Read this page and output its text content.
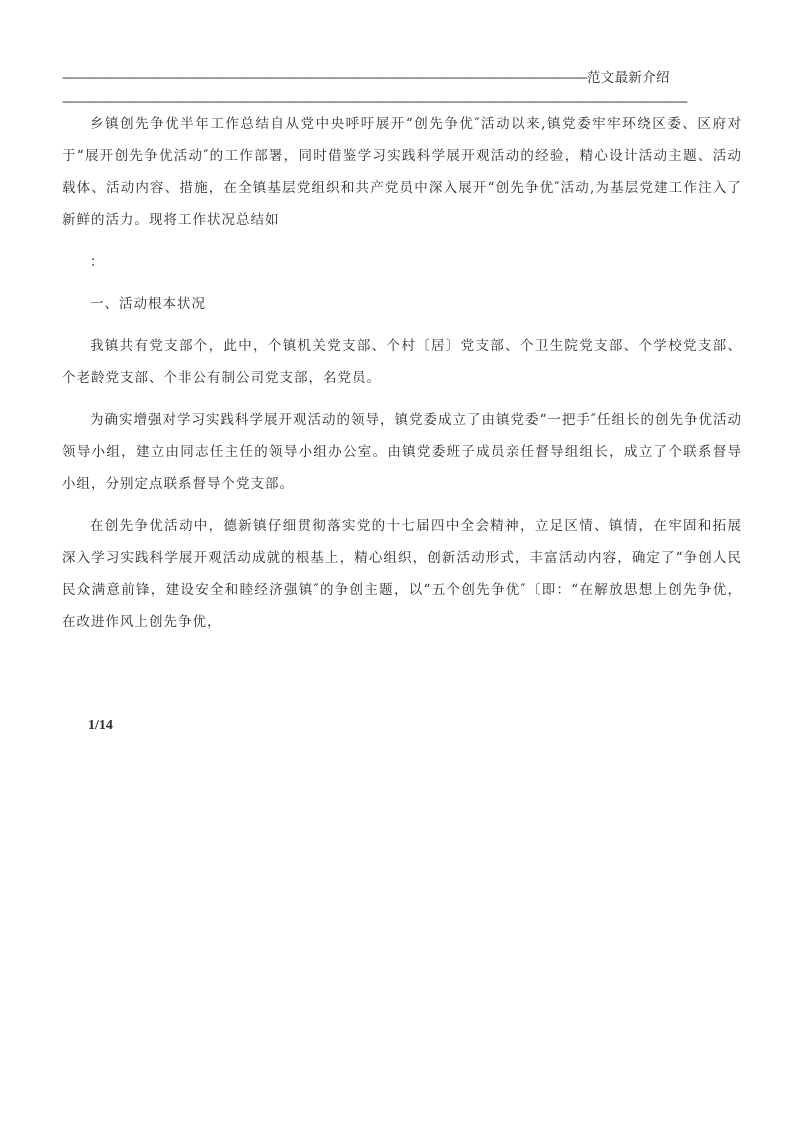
——————————————————————————————————————————范文最新介绍——————————————————————————————————————————————————

乡镇创先争优半年工作总结自从党中央呼吁展开“创先争优″活动以来,镇党委牢牢环绕区委、区府对于“展开创先争优活动″的工作部署，同时借鉴学习实践科学展开观活动的经验，精心设计活动主题、活动载体、活动内容、措施，在全镇基层党组织和共产党员中深入展开“创先争优″活动,为基层党建工作注入了新鲜的活力。现将工作状况总结如

：

一、活动根本状况

我镇共有党支部个，此中，个镇机关党支部、个村〔居〕党支部、个卫生院党支部、个学校党支部、个老龄党支部、个非公有制公司党支部，名党员。

为确实增强对学习实践科学展开观活动的领导，镇党委成立了由镇党委“一把手″任组长的创先争优活动领导小组，建立由同志任主任的领导小组办公室。由镇党委班子成员亲任督导组组长，成立了个联系督导小组，分别定点联系督导个党支部。

在创先争优活动中，德新镇仔细贯彻落实党的十七届四中全会精神，立足区情、镇情，在牢固和拓展深入学习实践科学展开观活动成就的根基上，精心组织，创新活动形式，丰富活动内容，确定了“争创人民民众满意前锋，建设安全和睦经济强镇″的争创主题，以“五个创先争优″〔即：“在解放思想上创先争优，在改进作风上创先争优，

1/14
